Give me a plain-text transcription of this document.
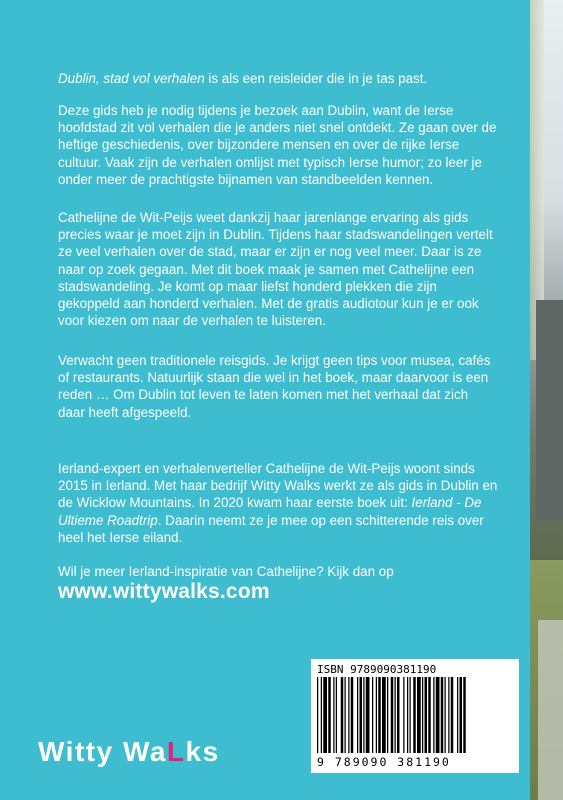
Dublin, stad vol verhalen is als een reisleider die in je tas past.
Deze gids heb je nodig tijdens je bezoek aan Dublin, want de Ierse hoofdstad zit vol verhalen die je anders niet snel ontdekt. Ze gaan over de heftige geschiedenis, over bijzondere mensen en over de rijke Ierse cultuur. Vaak zijn de verhalen omlijst met typisch Ierse humor; zo leer je onder meer de prachtigste bijnamen van standbeelden kennen.
Cathelijne de Wit-Peijs weet dankzij haar jarenlange ervaring als gids precies waar je moet zijn in Dublin. Tijdens haar stadswandelingen vertelt ze veel verhalen over de stad, maar er zijn er nog veel meer. Daar is ze naar op zoek gegaan. Met dit boek maak je samen met Cathelijne een stadswandeling. Je komt op maar liefst honderd plekken die zijn gekoppeld aan honderd verhalen. Met de gratis audiotour kun je er ook voor kiezen om naar de verhalen te luisteren.
Verwacht geen traditionele reisgids. Je krijgt geen tips voor musea, cafés of restaurants. Natuurlijk staan die wel in het boek, maar daarvoor is een reden … Om Dublin tot leven te laten komen met het verhaal dat zich daar heeft afgespeeld.
Ierland-expert en verhalenverteller Cathelijne de Wit-Peijs woont sinds 2015 in Ierland. Met haar bedrijf Witty Walks werkt ze als gids in Dublin en de Wicklow Mountains. In 2020 kwam haar eerste boek uit: Ierland - De Ultieme Roadtrip. Daarin neemt ze je mee op een schitterende reis over heel het Ierse eiland.
Wil je meer Ierland-inspiratie van Cathelijne? Kijk dan op
www.wittywalks.com
Witty WaLks
ISBN 9789090381190
9 789090 381190
